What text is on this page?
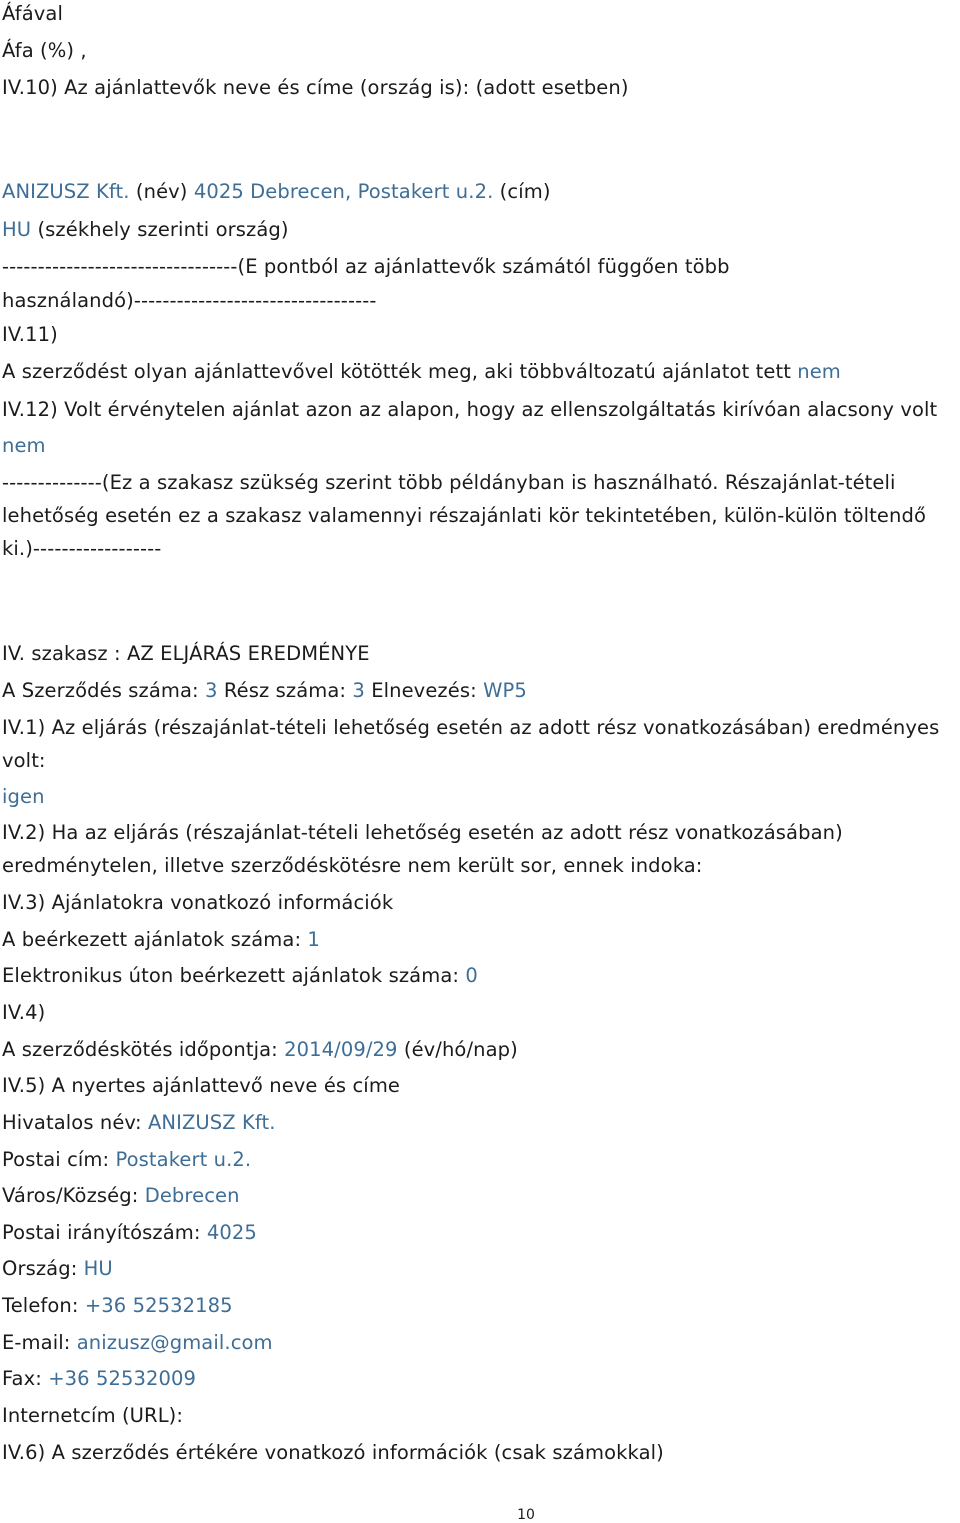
Áfával
Áfa (%) ,
IV.10) Az ajánlattevők neve és címe (ország is): (adott esetben)
ANIZUSZ Kft. (név) 4025 Debrecen, Postakert u.2. (cím)
HU (székhely szerinti ország)
---------------------------------(E pontból az ajánlattevők számától függően több
használandó)----------------------------------
IV.11)
A szerződést olyan ajánlattevővel kötötték meg, aki többváltozatú ajánlatot tett nem
IV.12) Volt érvénytelen ajánlat azon az alapon, hogy az ellenszolgáltatás kirívóan alacsony volt
nem
--------------(Ez a szakasz szükség szerint több példányban is használható. Részajánlat-tételi
lehetőség esetén ez a szakasz valamennyi részajánlati kör tekintetében, külön-külön töltendő
ki.)------------------
IV. szakasz : AZ ELJÁRÁS EREDMÉNYE
A Szerződés száma: 3 Rész száma: 3 Elnevezés: WP5
IV.1) Az eljárás (részajánlat-tételi lehetőség esetén az adott rész vonatkozásában) eredményes
volt:
igen
IV.2) Ha az eljárás (részajánlat-tételi lehetőség esetén az adott rész vonatkozásában)
eredménytelen, illetve szerződéskötésre nem került sor, ennek indoka:
IV.3) Ajánlatokra vonatkozó információk
A beérkezett ajánlatok száma: 1
Elektronikus úton beérkezett ajánlatok száma: 0
IV.4)
A szerződéskötés időpontja: 2014/09/29 (év/hó/nap)
IV.5) A nyertes ajánlattevő neve és címe
Hivatalos név: ANIZUSZ Kft.
Postai cím: Postakert u.2.
Város/Község: Debrecen
Postai irányítószám: 4025
Ország: HU
Telefon: +36 52532185
E-mail: anizusz@gmail.com
Fax: +36 52532009
Internetcím (URL):
IV.6) A szerződés értékére vonatkozó információk (csak számokkal)
10
